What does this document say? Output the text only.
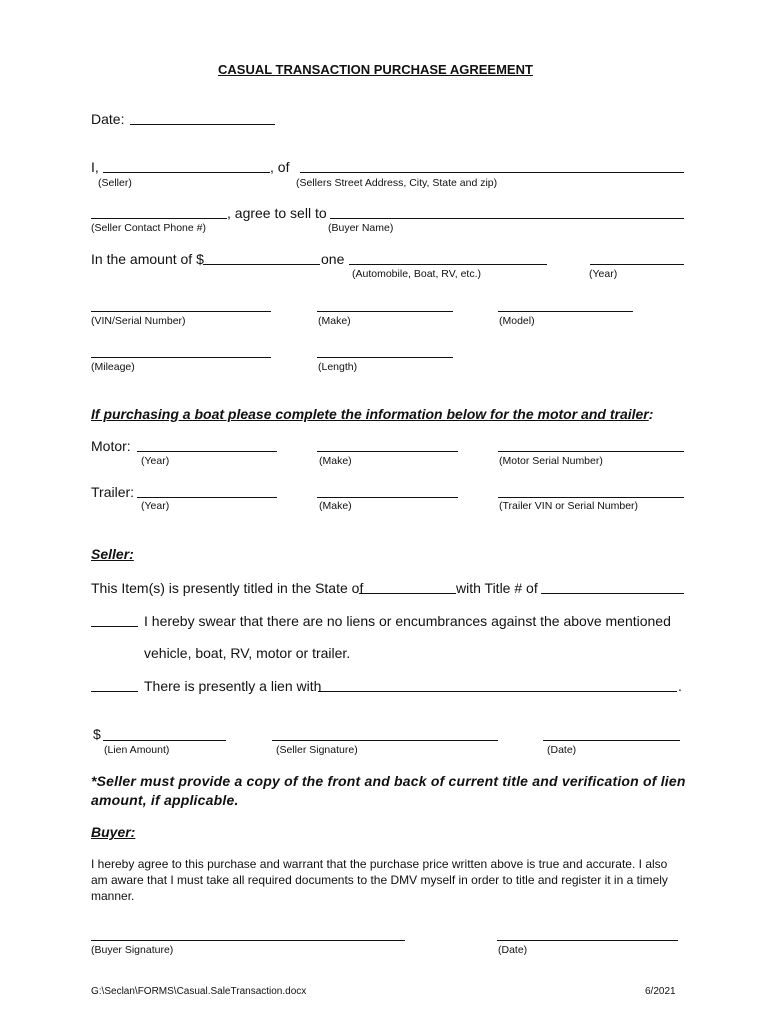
CASUAL TRANSACTION PURCHASE AGREEMENT
Date:
I,	, of
(Seller)	(Sellers Street Address, City, State and zip)
, agree to sell to
(Seller Contact Phone #)	(Buyer Name)
In the amount of $	one
(Automobile, Boat, RV, etc.)	(Year)
(VIN/Serial Number)	(Make)	(Model)
(Mileage)	(Length)
If purchasing a boat please complete the information below for the motor and trailer:
Motor:
(Year)	(Make)	(Motor Serial Number)
Trailer:
(Year)	(Make)	(Trailer VIN or Serial Number)
Seller:
This Item(s) is presently titled in the State of	with Title # of
I hereby swear that there are no liens or encumbrances against the above mentioned
vehicle, boat, RV, motor or trailer.
There is presently a lien with	.
$
(Lien Amount)	(Seller Signature)	(Date)
*Seller must provide a copy of the front and back of current title and verification of lien amount, if applicable.
Buyer:
I hereby agree to this purchase and warrant that the purchase price written above is true and accurate. I also am aware that I must take all required documents to the DMV myself in order to title and register it in a timely manner.
(Buyer Signature)	(Date)
G:\Seclan\FORMS\Casual.SaleTransaction.docx	6/2021
